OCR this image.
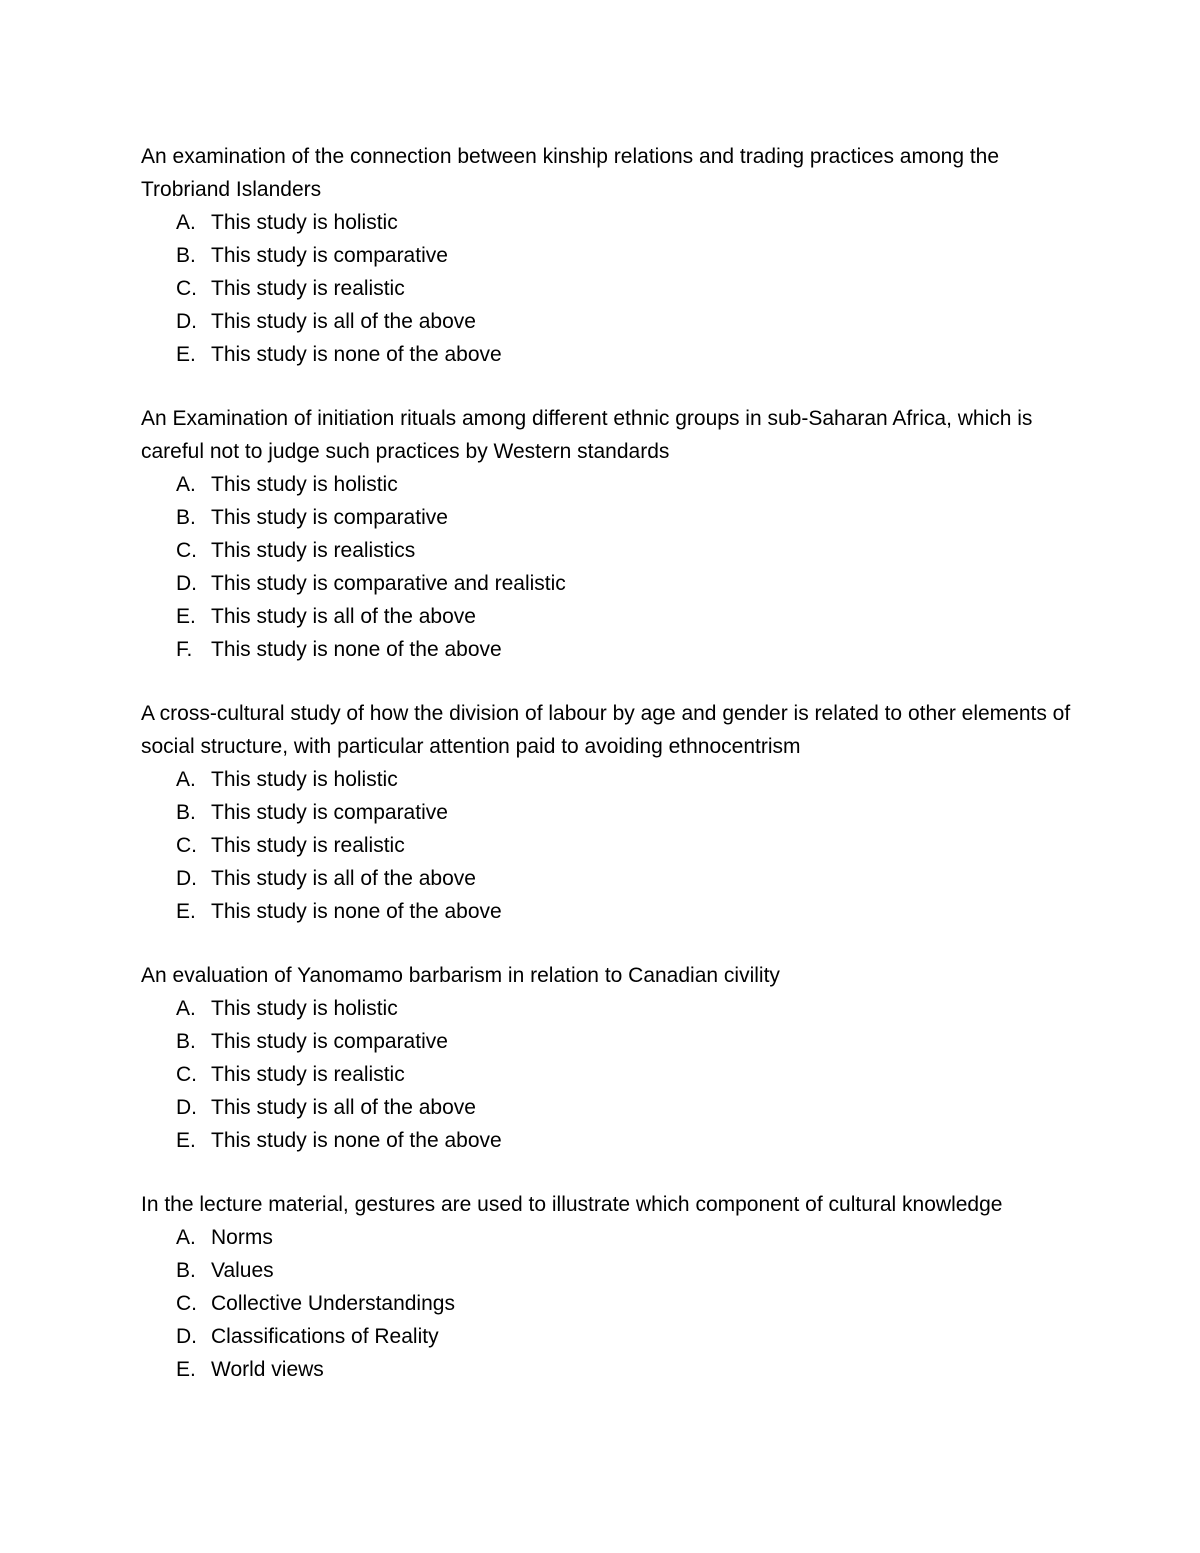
An examination of the connection between kinship relations and trading practices among the Trobriand Islanders

A. This study is holistic
B. This study is comparative
C. This study is realistic
D. This study is all of the above
E. This study is none of the above

An Examination of initiation rituals among different ethnic groups in sub-Saharan Africa, which is careful not to judge such practices by Western standards

A. This study is holistic
B. This study is comparative
C. This study is realistics
D. This study is comparative and realistic
E. This study is all of the above
F. This study is none of the above

A cross-cultural study of how the division of labour by age and gender is related to other elements of social structure, with particular attention paid to avoiding ethnocentrism

A. This study is holistic
B. This study is comparative
C. This study is realistic
D. This study is all of the above
E. This study is none of the above

An evaluation of Yanomamo barbarism in relation to Canadian civility

A. This study is holistic
B. This study is comparative
C. This study is realistic
D. This study is all of the above
E. This study is none of the above

In the lecture material, gestures are used to illustrate which component of cultural knowledge

A. Norms
B. Values
C. Collective Understandings
D. Classifications of Reality
E. World views
